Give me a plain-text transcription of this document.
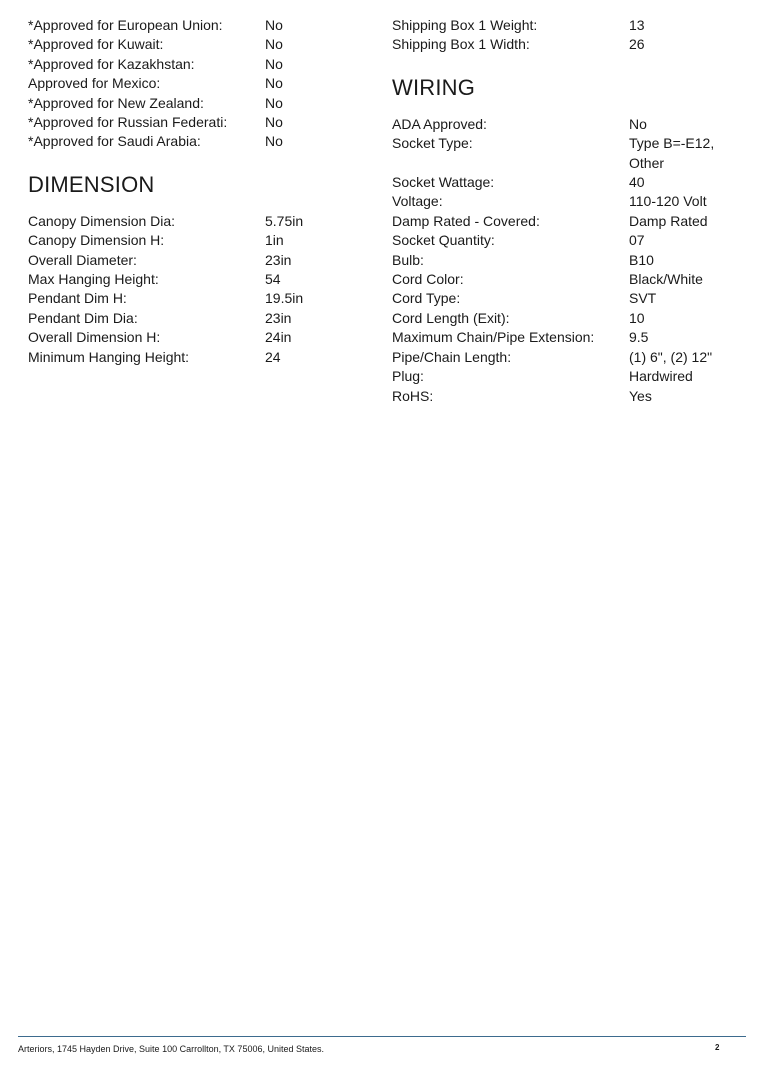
*Approved for European Union:	No
*Approved for Kuwait:	No
*Approved for Kazakhstan:	No
Approved for Mexico:	No
*Approved for New Zealand:	No
*Approved for Russian Federati:	No
*Approved for Saudi Arabia:	No
DIMENSION
Canopy Dimension Dia:	5.75in
Canopy Dimension H:	1in
Overall Diameter:	23in
Max Hanging Height:	54
Pendant Dim H:	19.5in
Pendant Dim Dia:	23in
Overall Dimension H:	24in
Minimum Hanging Height:	24
Shipping Box 1 Weight:	13
Shipping Box 1 Width:	26
WIRING
ADA Approved:	No
Socket Type:	Type B=-E12, Other
Socket Wattage:	40
Voltage:	110-120 Volt
Damp Rated - Covered:	Damp Rated
Socket Quantity:	07
Bulb:	B10
Cord Color:	Black/White
Cord Type:	SVT
Cord Length (Exit):	10
Maximum Chain/Pipe Extension:	9.5
Pipe/Chain Length:	(1) 6", (2) 12"
Plug:	Hardwired
RoHS:	Yes
Arteriors, 1745 Hayden Drive, Suite 100 Carrollton, TX 75006, United States.	2
